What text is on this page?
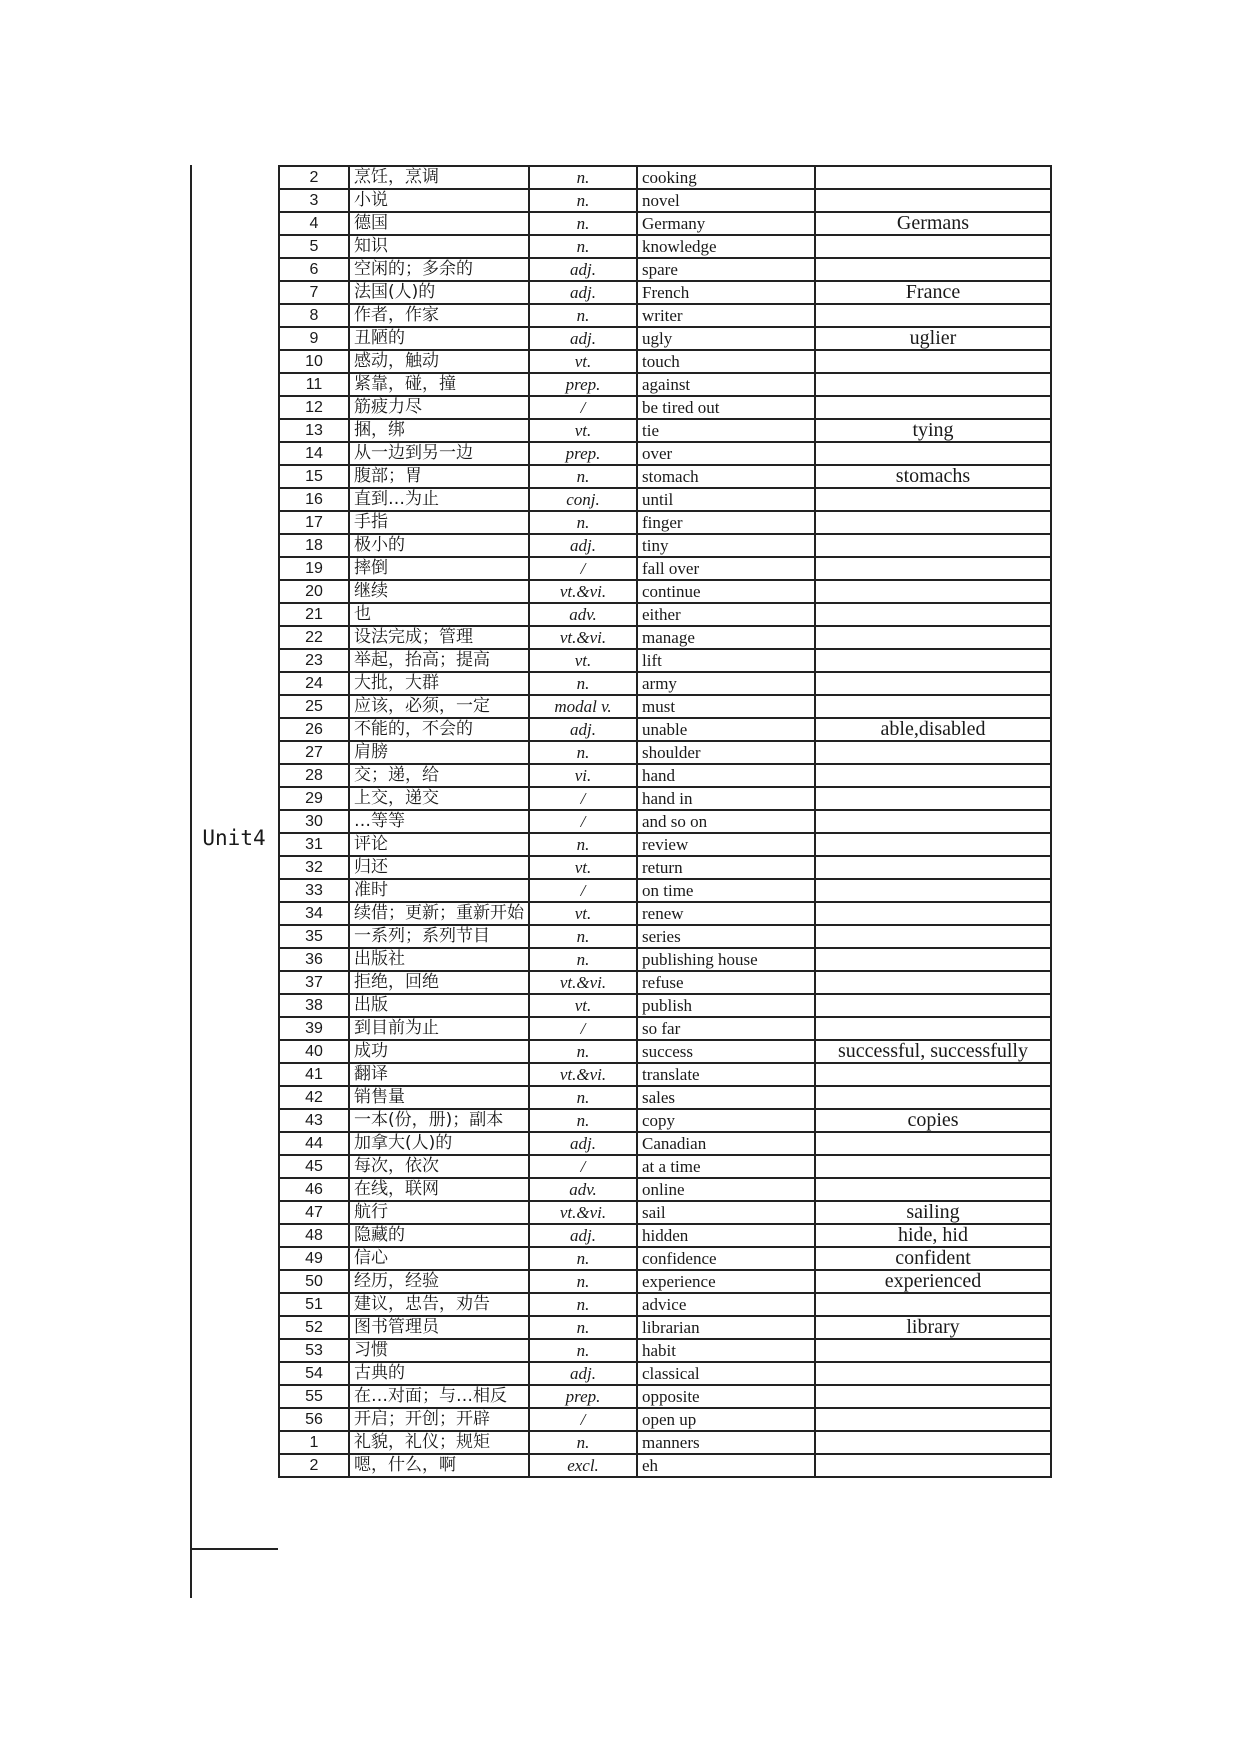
Unit4
2	烹饪，烹调	n.	cooking	
3	小说	n.	novel	
4	德国	n.	Germany	Germans
5	知识	n.	knowledge	
6	空闲的；多余的	adj.	spare	
7	法国(人)的	adj.	French	France
8	作者，作家	n.	writer	
9	丑陋的	adj.	ugly	uglier
10	感动，触动	vt.	touch	
11	紧靠，碰，撞	prep.	against	
12	筋疲力尽	/	be tired out	
13	捆，绑	vt.	tie	tying
14	从一边到另一边	prep.	over	
15	腹部；胃	n.	stomach	stomachs
16	直到…为止	conj.	until	
17	手指	n.	finger	
18	极小的	adj.	tiny	
19	摔倒	/	fall over	
20	继续	vt.&vi.	continue	
21	也	adv.	either	
22	设法完成；管理	vt.&vi.	manage	
23	举起，抬高；提高	vt.	lift	
24	大批，大群	n.	army	
25	应该，必须，一定	modal v.	must	
26	不能的，不会的	adj.	unable	able,disabled
27	肩膀	n.	shoulder	
28	交；递，给	vi.	hand	
29	上交，递交	/	hand in	
30	…等等	/	and so on	
31	评论	n.	review	
32	归还	vt.	return	
33	准时	/	on time	
34	续借；更新；重新开始	vt.	renew	
35	一系列；系列节目	n.	series	
36	出版社	n.	publishing house	
37	拒绝，回绝	vt.&vi.	refuse	
38	出版	vt.	publish	
39	到目前为止	/	so far	
40	成功	n.	success	successful, successfully
41	翻译	vt.&vi.	translate	
42	销售量	n.	sales	
43	一本(份，册)；副本	n.	copy	copies
44	加拿大(人)的	adj.	Canadian	
45	每次，依次	/	at a time	
46	在线，联网	adv.	online	
47	航行	vt.&vi.	sail	sailing
48	隐藏的	adj.	hidden	hide, hid
49	信心	n.	confidence	confident
50	经历，经验	n.	experience	experienced
51	建议，忠告，劝告	n.	advice	
52	图书管理员	n.	librarian	library
53	习惯	n.	habit	
54	古典的	adj.	classical	
55	在…对面；与…相反	prep.	opposite	
56	开启；开创；开辟	/	open up	
1	礼貌，礼仪；规矩	n.	manners	
2	嗯，什么，啊	excl.	eh	
